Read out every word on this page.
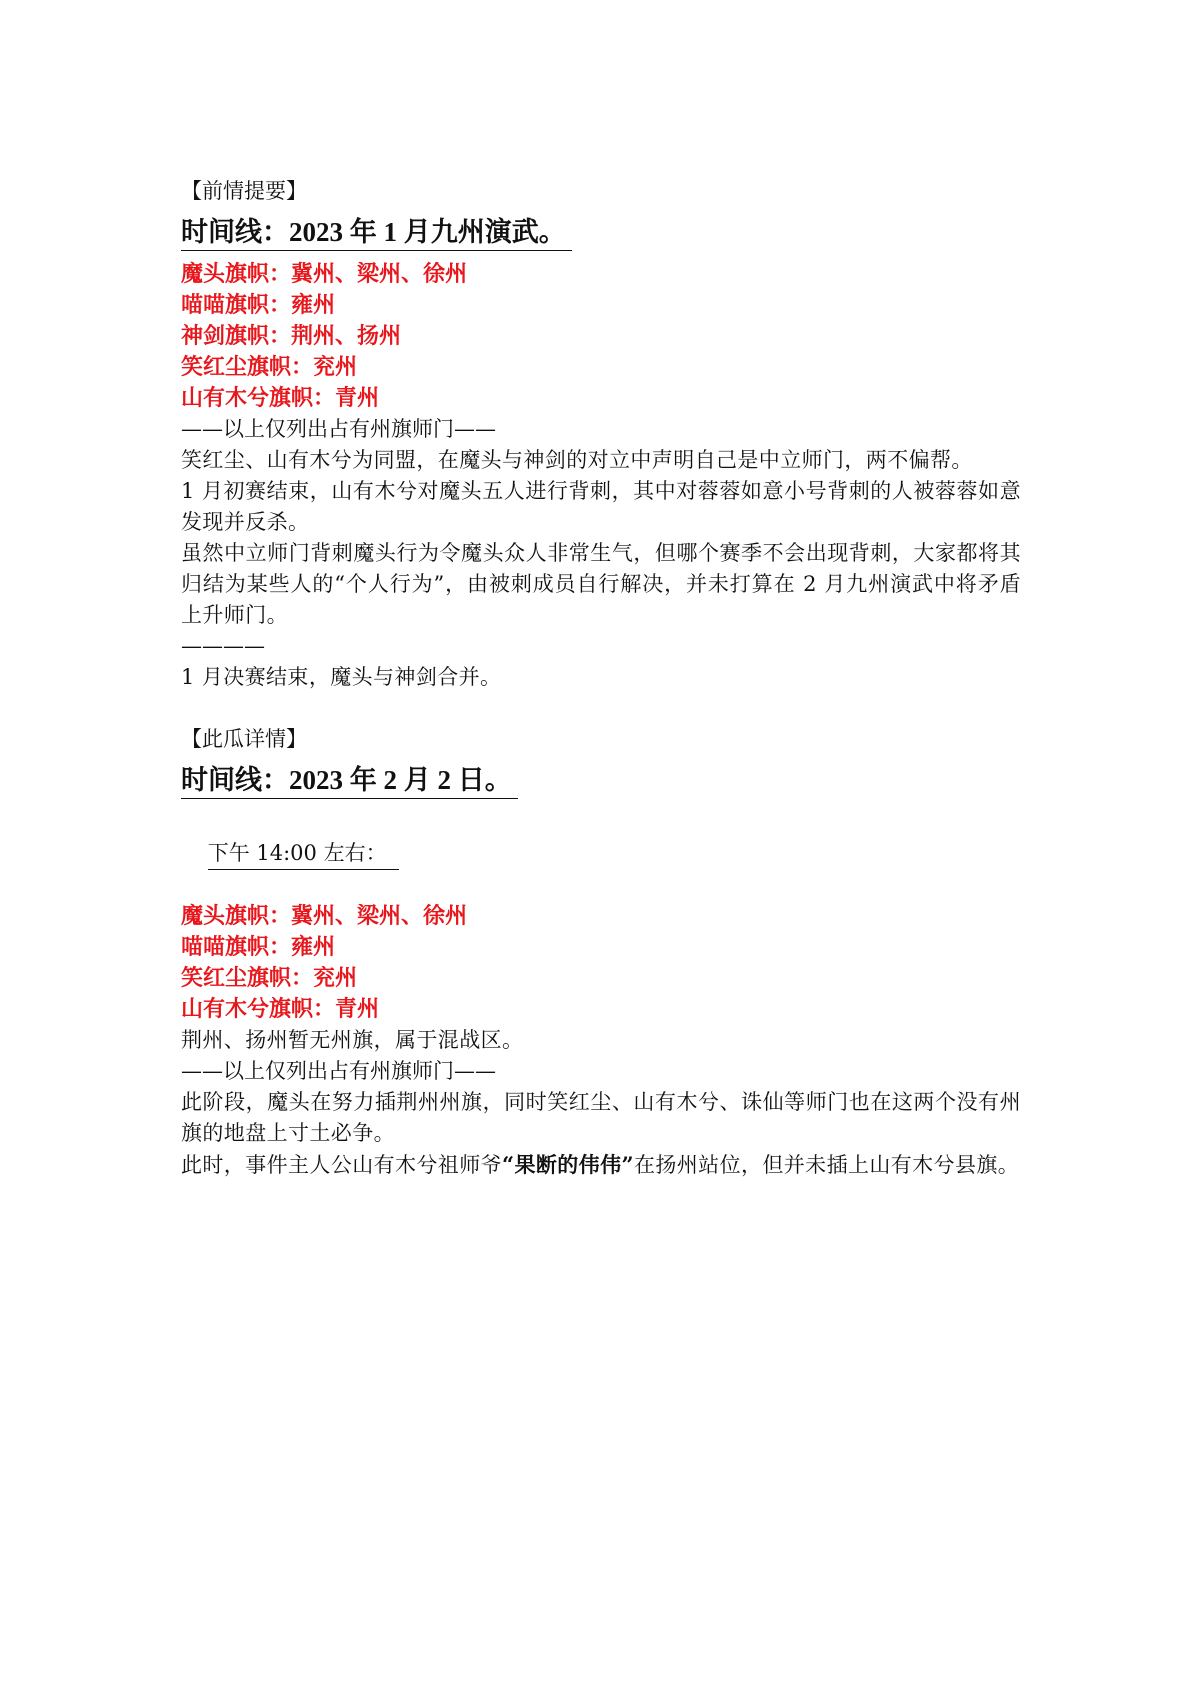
【前情提要】
时间线：2023 年 1 月九州演武。
魔头旗帜：冀州、梁州、徐州
喵喵旗帜：雍州
神剑旗帜：荆州、扬州
笑红尘旗帜：兖州
山有木兮旗帜：青州
——以上仅列出占有州旗师门——
笑红尘、山有木兮为同盟，在魔头与神剑的对立中声明自己是中立师门，两不偏帮。
1 月初赛结束，山有木兮对魔头五人进行背刺，其中对蓉蓉如意小号背刺的人被蓉蓉如意发现并反杀。
虽然中立师门背刺魔头行为令魔头众人非常生气，但哪个赛季不会出现背刺，大家都将其归结为某些人的“个人行为”，由被刺成员自行解决，并未打算在 2 月九州演武中将矛盾上升师门。
————
1 月决赛结束，魔头与神剑合并。
【此瓜详情】
时间线：2023 年 2 月 2 日。

下午 14:00 左右：

魔头旗帜：冀州、梁州、徐州
喵喵旗帜：雍州
笑红尘旗帜：兖州
山有木兮旗帜：青州
荆州、扬州暂无州旗，属于混战区。
——以上仅列出占有州旗师门——
此阶段，魔头在努力插荆州州旗，同时笑红尘、山有木兮、诛仙等师门也在这两个没有州旗的地盘上寸土必争。
此时，事件主人公山有木兮祖师爷“果断的伟伟”在扬州站位，但并未插上山有木兮县旗。
